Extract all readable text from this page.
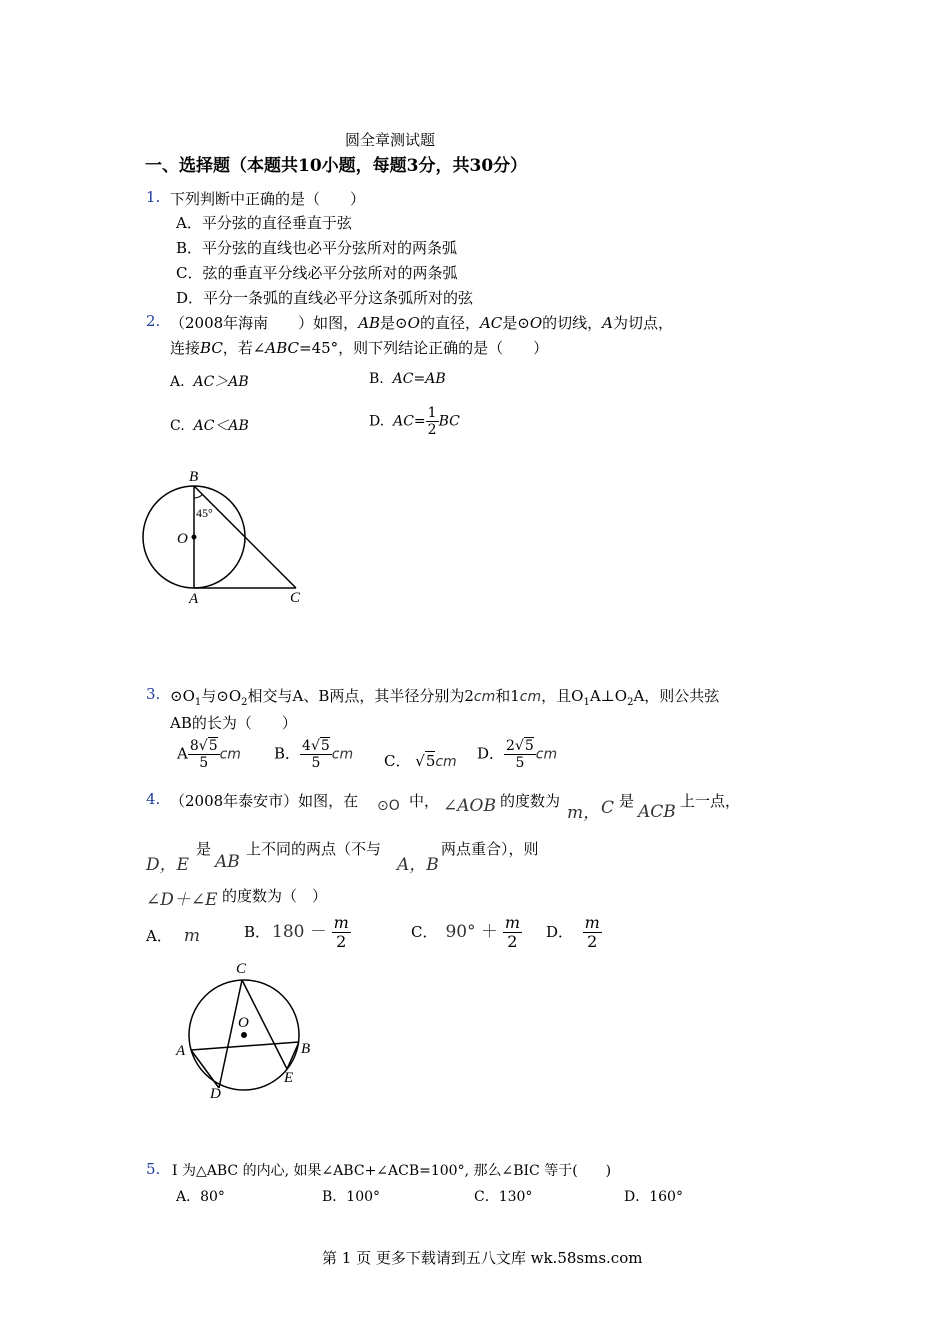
圆全章测试题
一、选择题（本题共10小题，每题3分，共30分）
1. 下列判断中正确的是（　　）
A．平分弦的直径垂直于弦
B．平分弦的直线也必平分弦所对的两条弧
C．弦的垂直平分线必平分弦所对的两条弧
D．平分一条弧的直线必平分这条弧所对的弦
2. （2008年海南　　）如图，AB是⊙O的直径，AC是⊙O的切线，A为切点，
连接BC，若∠ABC=45°，则下列结论正确的是（　　）
A. AC＞AB	B. AC=AB
C. AC＜AB	D. $AC= \frac{1}{2}$ BC
B
O
A	C
45°
3. $⊙O_1$与$⊙O_2$相交与A、B两点，其半径分别为2cm和1cm，且$O_1A\perp O_2A$，则公共弦
AB的长为（　　）
A $\frac{8√5}{5}$ cm B． $\frac{4√5}{5}$ cm C． √5cm D． $\frac{2√5}{5}$ cm
4. （2008年泰安市）如图，在 ⊙O 中， ∠AOB 的度数为
m， C 是
ACB
上一点，
D，E
是
AB
上不同的两点（不与
A，B
两点重合），则
∠D＋∠E 的度数为（　）
A． m	B． $180 - \frac{m}{2}$	C． $90^\circ + \frac{m}{2}$ D． $\frac{m}{2}$
C
O
A	B
D
E
5. I 为△ABC 的内心, 如果∠ABC+∠ACB=100°, 那么∠BIC 等于(　　)
A．80°	B．100°	C．130°	D．160°
第 1 页 更多下载请到五八文库 wk.58sms.com
